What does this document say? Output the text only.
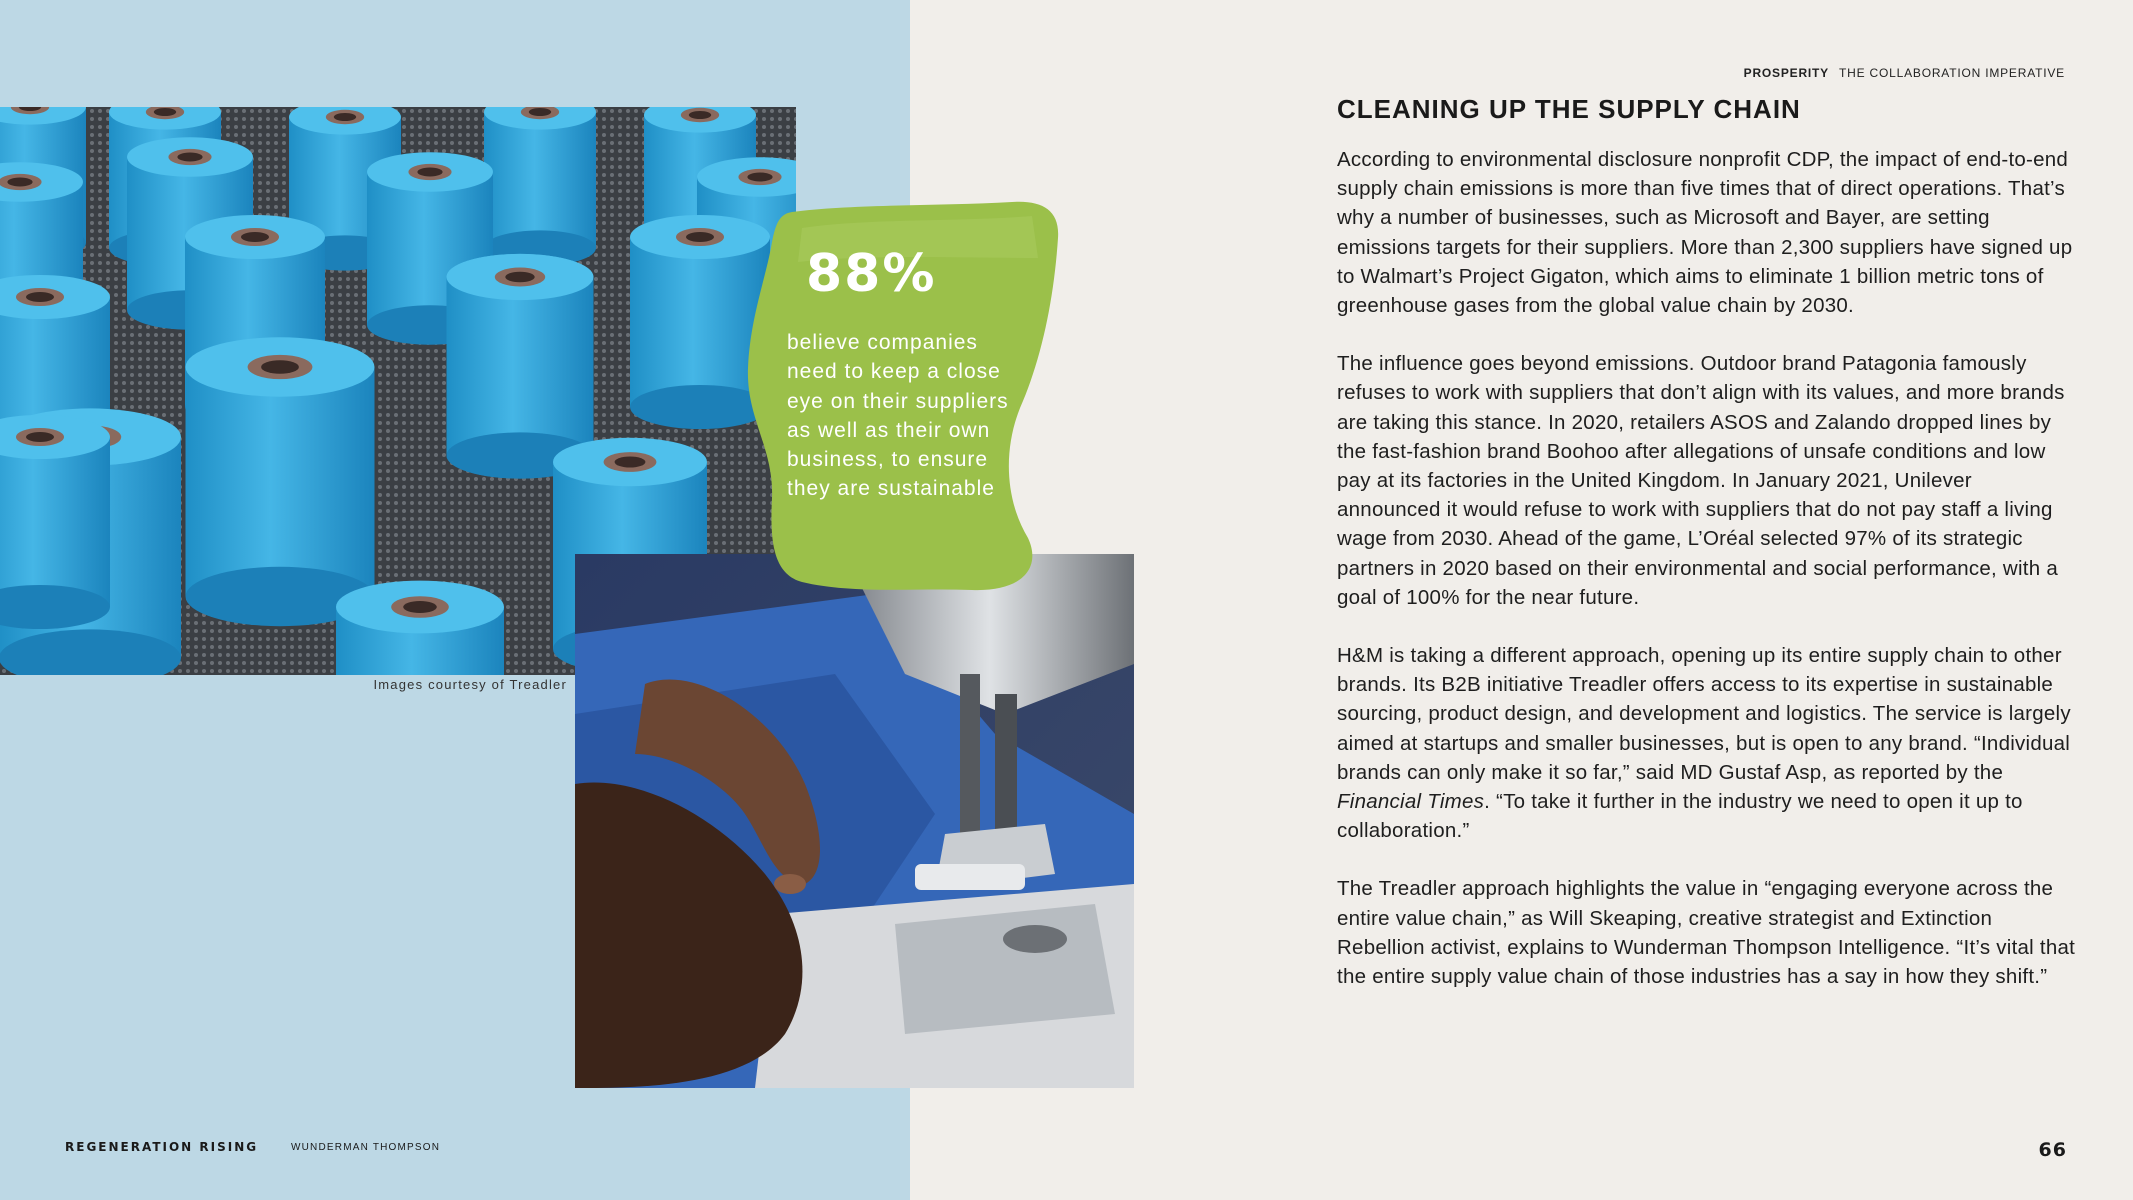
Images courtesy of Treadler

88%

believe companies need to keep a close eye on their suppliers as well as their own business, to ensure they are sustainable

PROSPERITY THE COLLABORATION IMPERATIVE
CLEANING UP THE SUPPLY CHAIN

According to environmental disclosure nonprofit CDP, the impact of end-to-end supply chain emissions is more than five times that of direct operations. That’s why a number of businesses, such as Microsoft and Bayer, are setting emissions targets for their suppliers. More than 2,300 suppliers have signed up to Walmart’s Project Gigaton, which aims to eliminate 1 billion metric tons of greenhouse gases from the global value chain by 2030.

The influence goes beyond emissions. Outdoor brand Patagonia famously refuses to work with suppliers that don’t align with its values, and more brands are taking this stance. In 2020, retailers ASOS and Zalando dropped lines by the fast-fashion brand Boohoo after allegations of unsafe conditions and low pay at its factories in the United Kingdom. In January 2021, Unilever announced it would refuse to work with suppliers that do not pay staff a living wage from 2030. Ahead of the game, L’Oréal selected 97% of its strategic partners in 2020 based on their environmental and social performance, with a goal of 100% for the near future.

H&M is taking a different approach, opening up its entire supply chain to other brands. Its B2B initiative Treadler offers access to its expertise in sustainable sourcing, product design, and development and logistics. The service is largely aimed at startups and smaller businesses, but is open to any brand. “Individual brands can only make it so far,” said MD Gustaf Asp, as reported by the Financial Times. “To take it further in the industry we need to open it up to collaboration.”

The Treadler approach highlights the value in “engaging everyone across the entire value chain,” as Will Skeaping, creative strategist and Extinction Rebellion activist, explains to Wunderman Thompson Intelligence. “It’s vital that the entire supply value chain of those industries has a say in how they shift.”

REGENERATION RISING	WUNDERMAN THOMPSON	66
